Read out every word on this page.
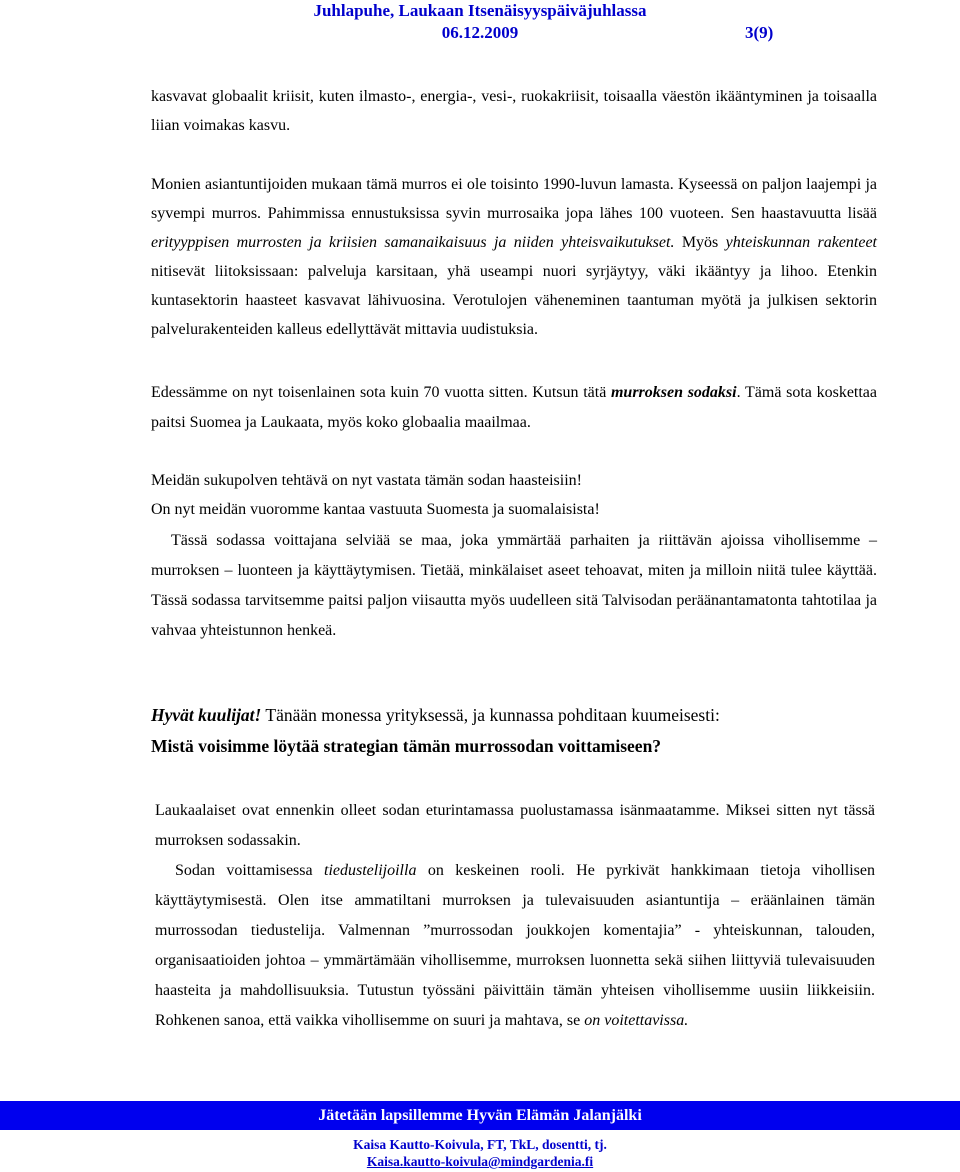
Juhlapuhe, Laukaan Itsenäisyyspäiväjuhlassa
06.12.2009	3(9)

kasvavat globaalit kriisit, kuten ilmasto-, energia-, vesi-, ruokakriisit, toisaalla väestön ikääntyminen ja toisaalla liian voimakas kasvu.

Monien asiantuntijoiden mukaan tämä murros ei ole toisinto 1990-luvun lamasta. Kyseessä on paljon laajempi ja syvempi murros. Pahimmissa ennustuksissa syvin murrosaika jopa lähes 100 vuoteen. Sen haastavuutta lisää erityyppisen murrosten ja kriisien samanaikaisuus ja niiden yhteisvaikutukset. Myös yhteiskunnan rakenteet nitisevät liitoksissaan: palveluja karsitaan, yhä useampi nuori syrjäytyy, väki ikääntyy ja lihoo. Etenkin kuntasektorin haasteet kasvavat lähivuosina. Verotulojen väheneminen taantuman myötä ja julkisen sektorin palvelurakenteiden kalleus edellyttävät mittavia uudistuksia.

Edessämme on nyt toisenlainen sota kuin 70 vuotta sitten. Kutsun tätä murroksen sodaksi. Tämä sota koskettaa paitsi Suomea ja Laukaata, myös koko globaalia maailmaa.

Meidän sukupolven tehtävä on nyt vastata tämän sodan haasteisiin!

On nyt meidän vuoromme kantaa vastuuta Suomesta ja suomalaisista!

Tässä sodassa voittajana selviää se maa, joka ymmärtää parhaiten ja riittävän ajoissa vihollisemme – murroksen – luonteen ja käyttäytymisen. Tietää, minkälaiset aseet tehoavat, miten ja milloin niitä tulee käyttää. Tässä sodassa tarvitsemme paitsi paljon viisautta myös uudelleen sitä Talvisodan peräänantamatonta tahtotilaa ja vahvaa yhteistunnon henkeä.

Hyvät kuulijat! Tänään monessa yrityksessä, ja kunnassa pohditaan kuumeisesti:

Mistä voisimme löytää strategian tämän murrossodan voittamiseen?

Laukaalaiset ovat ennenkin olleet sodan eturintamassa puolustamassa isänmaatamme. Miksei sitten nyt tässä murroksen sodassakin.

Sodan voittamisessa tiedustelijoilla on keskeinen rooli. He pyrkivät hankkimaan tietoja vihollisen käyttäytymisestä. Olen itse ammatiltani murroksen ja tulevaisuuden asiantuntija – eräänlainen tämän murrossodan tiedustelija. Valmennan ”murrossodan joukkojen komentajia” - yhteiskunnan, talouden, organisaatioiden johtoa – ymmärtämään vihollisemme, murroksen luonnetta sekä siihen liittyviä tulevaisuuden haasteita ja mahdollisuuksia. Tutustun työssäni päivittäin tämän yhteisen vihollisemme uusiin liikkeisiin. Rohkenen sanoa, että vaikka vihollisemme on suuri ja mahtava, se on voitettavissa.

Jätetään lapsillemme Hyvän Elämän Jalanjälki
Kaisa Kautto-Koivula, FT, TkL, dosentti, tj.
Kaisa.kautto-koivula@mindgardenia.fi
